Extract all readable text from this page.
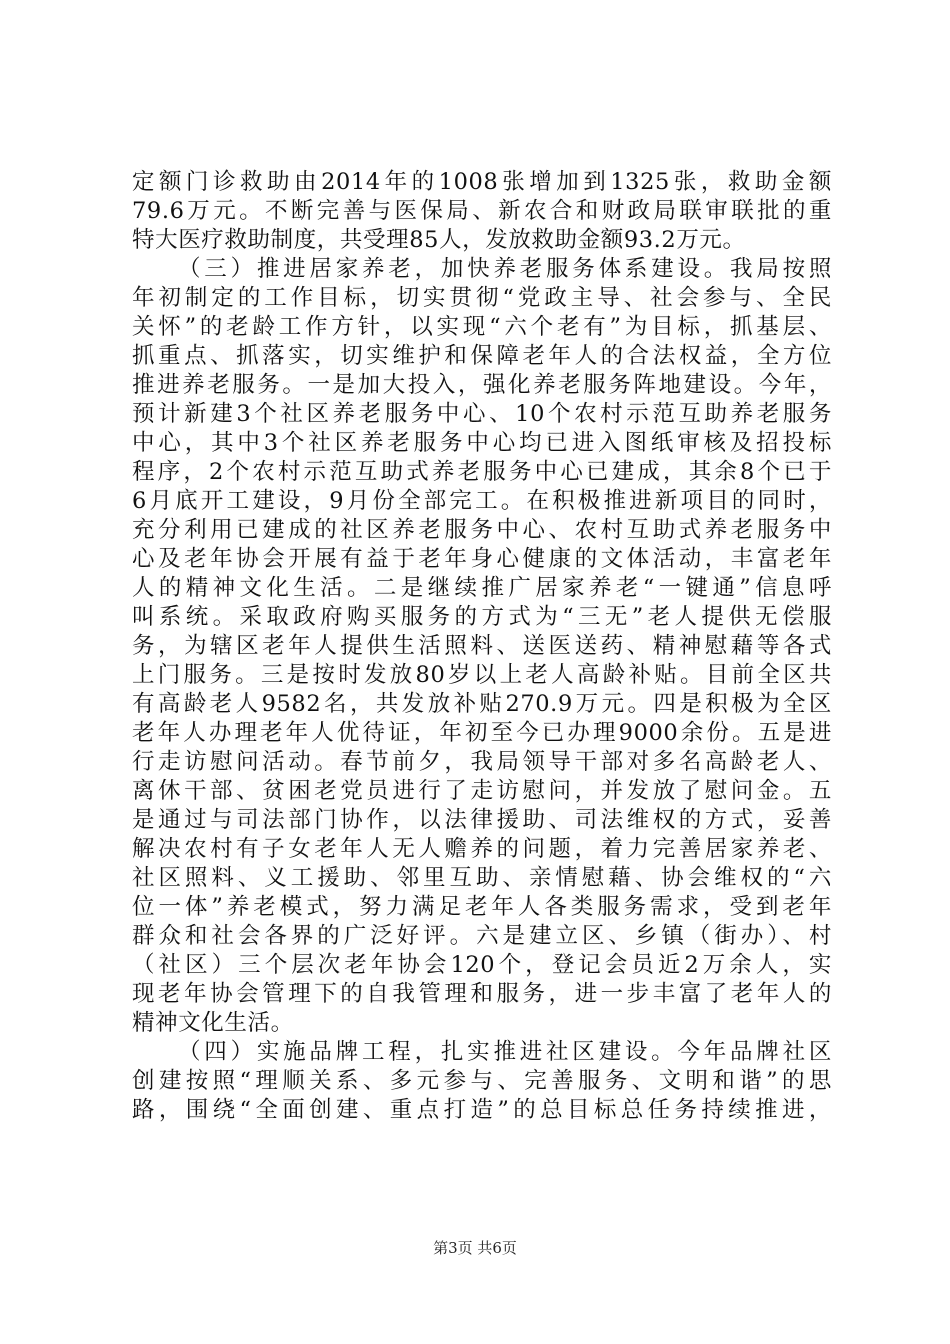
定额门诊救助由2014年的1008张增加到1325张，救助金额
79.6万元。不断完善与医保局、新农合和财政局联审联批的重
特大医疗救助制度，共受理85人，发放救助金额93.2万元。
（三）推进居家养老，加快养老服务体系建设。我局按照
年初制定的工作目标，切实贯彻“党政主导、社会参与、全民
关怀”的老龄工作方针，以实现“六个老有”为目标，抓基层、
抓重点、抓落实，切实维护和保障老年人的合法权益，全方位
推进养老服务。一是加大投入，强化养老服务阵地建设。今年，
预计新建3个社区养老服务中心、10个农村示范互助养老服务
中心，其中3个社区养老服务中心均已进入图纸审核及招投标
程序，2个农村示范互助式养老服务中心已建成，其余8个已于
6月底开工建设，9月份全部完工。在积极推进新项目的同时，
充分利用已建成的社区养老服务中心、农村互助式养老服务中
心及老年协会开展有益于老年身心健康的文体活动，丰富老年
人的精神文化生活。二是继续推广居家养老“一键通”信息呼
叫系统。采取政府购买服务的方式为“三无”老人提供无偿服
务，为辖区老年人提供生活照料、送医送药、精神慰藉等各式
上门服务。三是按时发放80岁以上老人高龄补贴。目前全区共
有高龄老人9582名，共发放补贴270.9万元。四是积极为全区
老年人办理老年人优待证，年初至今已办理9000余份。五是进
行走访慰问活动。春节前夕，我局领导干部对多名高龄老人、
离休干部、贫困老党员进行了走访慰问，并发放了慰问金。五
是通过与司法部门协作，以法律援助、司法维权的方式，妥善
解决农村有子女老年人无人赡养的问题，着力完善居家养老、
社区照料、义工援助、邻里互助、亲情慰藉、协会维权的“六
位一体”养老模式，努力满足老年人各类服务需求，受到老年
群众和社会各界的广泛好评。六是建立区、乡镇（街办）、村
（社区）三个层次老年协会120个，登记会员近2万余人，实
现老年协会管理下的自我管理和服务，进一步丰富了老年人的
精神文化生活。
（四）实施品牌工程，扎实推进社区建设。今年品牌社区
创建按照“理顺关系、多元参与、完善服务、文明和谐”的思
路，围绕“全面创建、重点打造”的总目标总任务持续推进，
第3页 共6页
